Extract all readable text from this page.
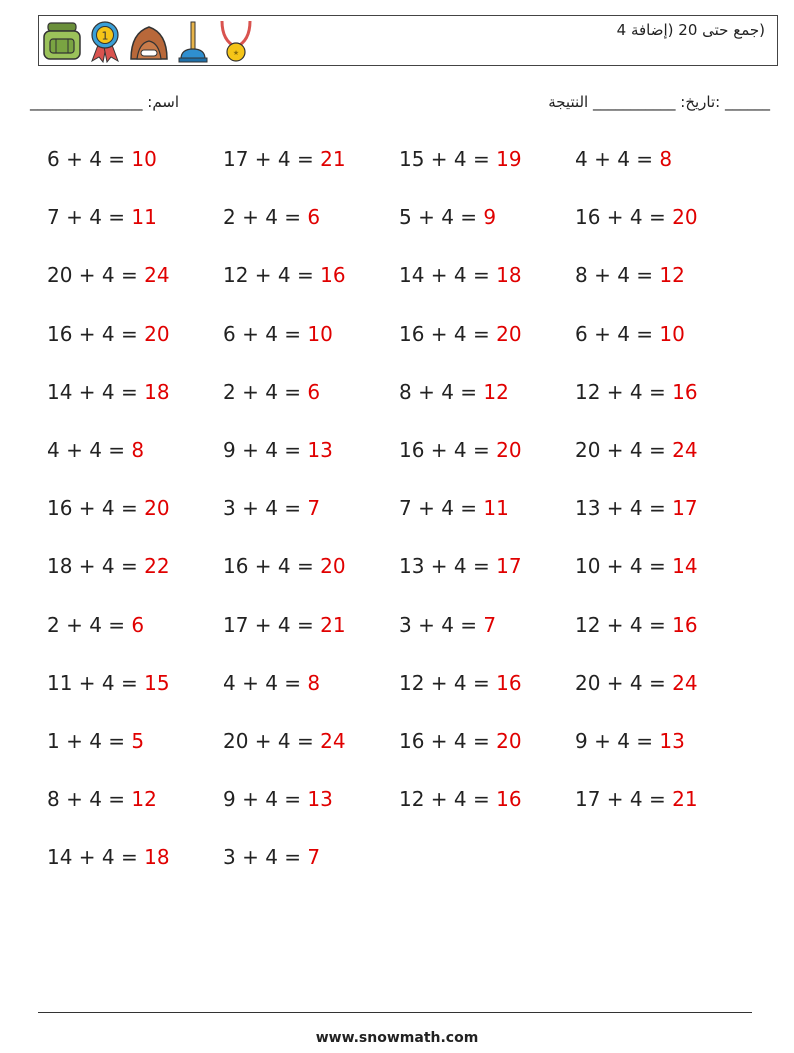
1
★
(جمع حتى 20 (إضافة 4
اسم: _______________	______ :تاريخ: ___________ النتيجة
6 + 4 = 10	17 + 4 = 21	15 + 4 = 19	4 + 4 = 8
7 + 4 = 11	2 + 4 = 6	5 + 4 = 9	16 + 4 = 20
20 + 4 = 24	12 + 4 = 16	14 + 4 = 18	8 + 4 = 12
16 + 4 = 20	6 + 4 = 10	16 + 4 = 20	6 + 4 = 10
14 + 4 = 18	2 + 4 = 6	8 + 4 = 12	12 + 4 = 16
4 + 4 = 8	9 + 4 = 13	16 + 4 = 20	20 + 4 = 24
16 + 4 = 20	3 + 4 = 7	7 + 4 = 11	13 + 4 = 17
18 + 4 = 22	16 + 4 = 20	13 + 4 = 17	10 + 4 = 14
2 + 4 = 6	17 + 4 = 21	3 + 4 = 7	12 + 4 = 16
11 + 4 = 15	4 + 4 = 8	12 + 4 = 16	20 + 4 = 24
1 + 4 = 5	20 + 4 = 24	16 + 4 = 20	9 + 4 = 13
8 + 4 = 12	9 + 4 = 13	12 + 4 = 16	17 + 4 = 21
14 + 4 = 18	3 + 4 = 7
www.snowmath.com
